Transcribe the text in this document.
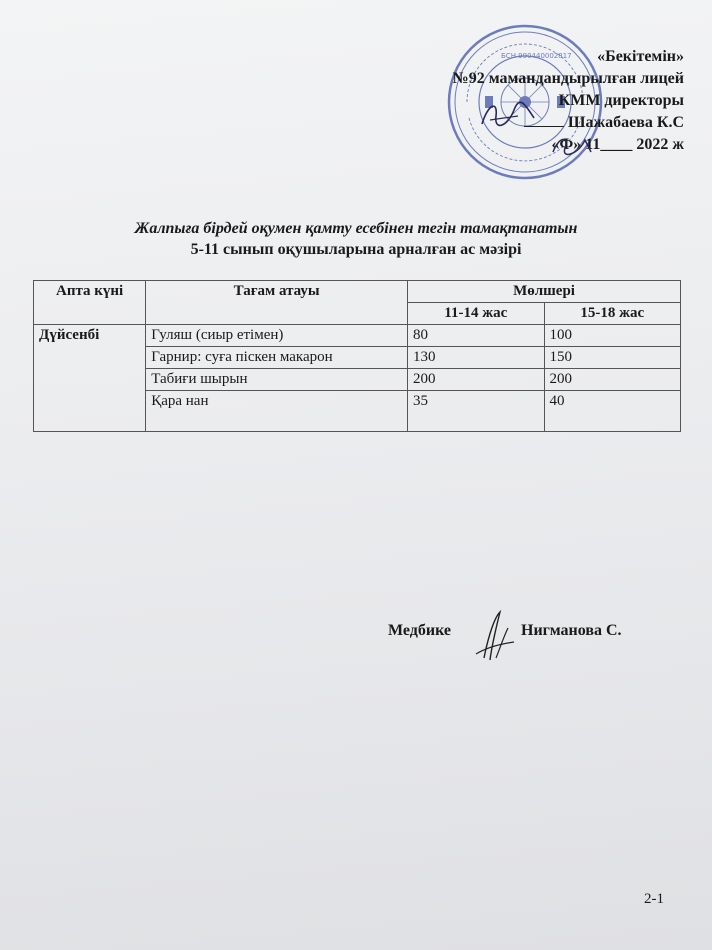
БСН 990440002817	«Бекітемін»
№92 мамандандырылған лицей
КММ директоры
Шажабаева К.С
«Ф» 11____ 2022 ж
Жалпыға бірдей оқумен қамту есебінен тегін тамақтанатын
5-11 сынып оқушыларына арналған ас мәзірі
Апта күні	Тағам атауы	Мөлшері	
		11-14 жас	15-18 жас
Дүйсенбі	Гуляш (сиыр етімен)	80	100
	Гарнир: суға піскен макарон	130	150
	Табиғи шырын	200	200
	Қара нан	35	40
Медбике	Нигманова С.
2-1
